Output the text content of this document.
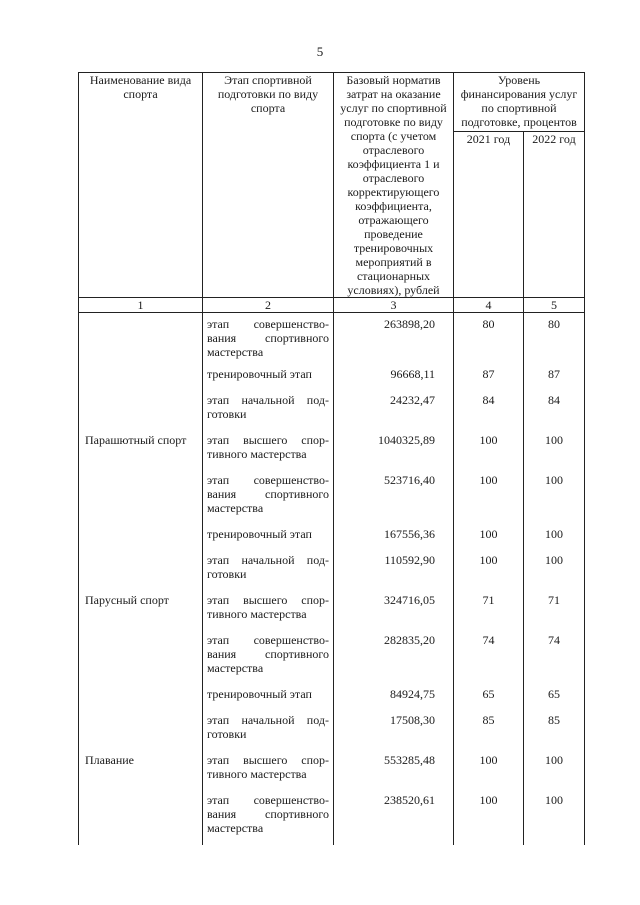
5
Наименование вида спорта	Этап спортивной подготовки по виду спорта	Базовый норматив затрат на оказание услуг по спортивной подготовке по виду спорта (с учетом отраслевого коэффициента 1 и отраслевого корректирующего коэффициента, отражающего проведение тренировочных мероприятий в стационарных условиях), рублей	Уровень финансирования услуг по спортивной подготовке, процентов	
			2021 год	2022 год
1	2	3	4	5
	этап совершенство-вания спортивного мастерства	263898,20	80	80
	тренировочный этап	96668,11	87	87
	этап начальной под-готовки	24232,47	84	84
Парашютный спорт	этап высшего спор-тивного мастерства	1040325,89	100	100
	этап совершенство-вания спортивного мастерства	523716,40	100	100
	тренировочный этап	167556,36	100	100
	этап начальной под-готовки	110592,90	100	100
Парусный спорт	этап высшего спор-тивного мастерства	324716,05	71	71
	этап совершенство-вания спортивного мастерства	282835,20	74	74
	тренировочный этап	84924,75	65	65
	этап начальной под-готовки	17508,30	85	85
Плавание	этап высшего спор-тивного мастерства	553285,48	100	100
	этап совершенство-вания спортивного мастерства	238520,61	100	100
